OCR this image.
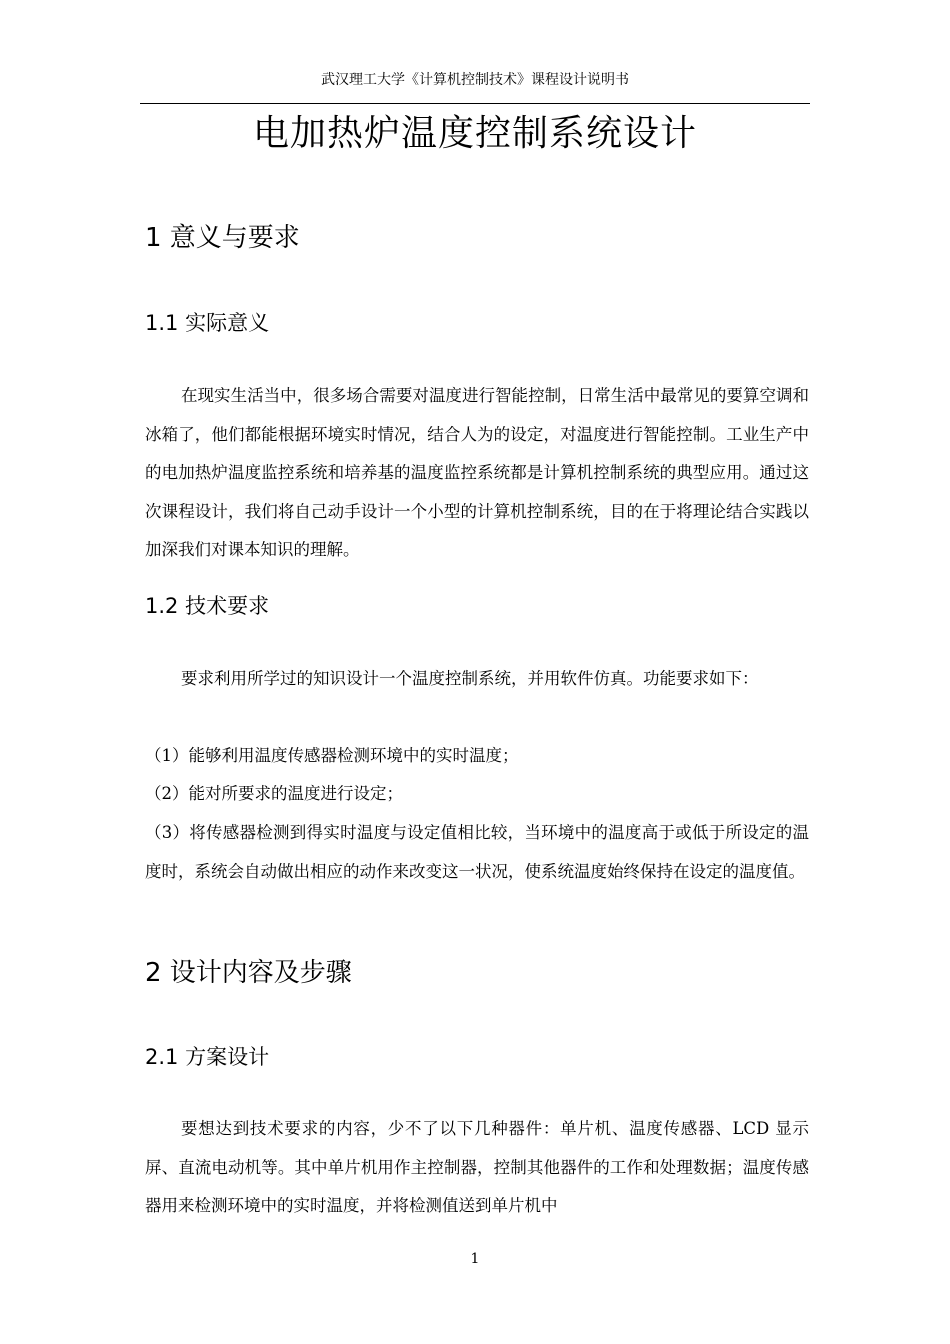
武汉理工大学《计算机控制技术》课程设计说明书
电加热炉温度控制系统设计
1 意义与要求
1.1 实际意义
在现实生活当中，很多场合需要对温度进行智能控制，日常生活中最常见的要算空调和冰箱了，他们都能根据环境实时情况，结合人为的设定，对温度进行智能控制。工业生产中的电加热炉温度监控系统和培养基的温度监控系统都是计算机控制系统的典型应用。通过这次课程设计，我们将自己动手设计一个小型的计算机控制系统，目的在于将理论结合实践以加深我们对课本知识的理解。
1.2 技术要求
要求利用所学过的知识设计一个温度控制系统，并用软件仿真。功能要求如下：
（1）能够利用温度传感器检测环境中的实时温度；
（2）能对所要求的温度进行设定；
（3）将传感器检测到得实时温度与设定值相比较，当环境中的温度高于或低于所设定的温度时，系统会自动做出相应的动作来改变这一状况，使系统温度始终保持在设定的温度值。
2 设计内容及步骤
2.1 方案设计
要想达到技术要求的内容，少不了以下几种器件：单片机、温度传感器、LCD 显示屏、直流电动机等。其中单片机用作主控制器，控制其他器件的工作和处理数据；温度传感器用来检测环境中的实时温度，并将检测值送到单片机中
1
